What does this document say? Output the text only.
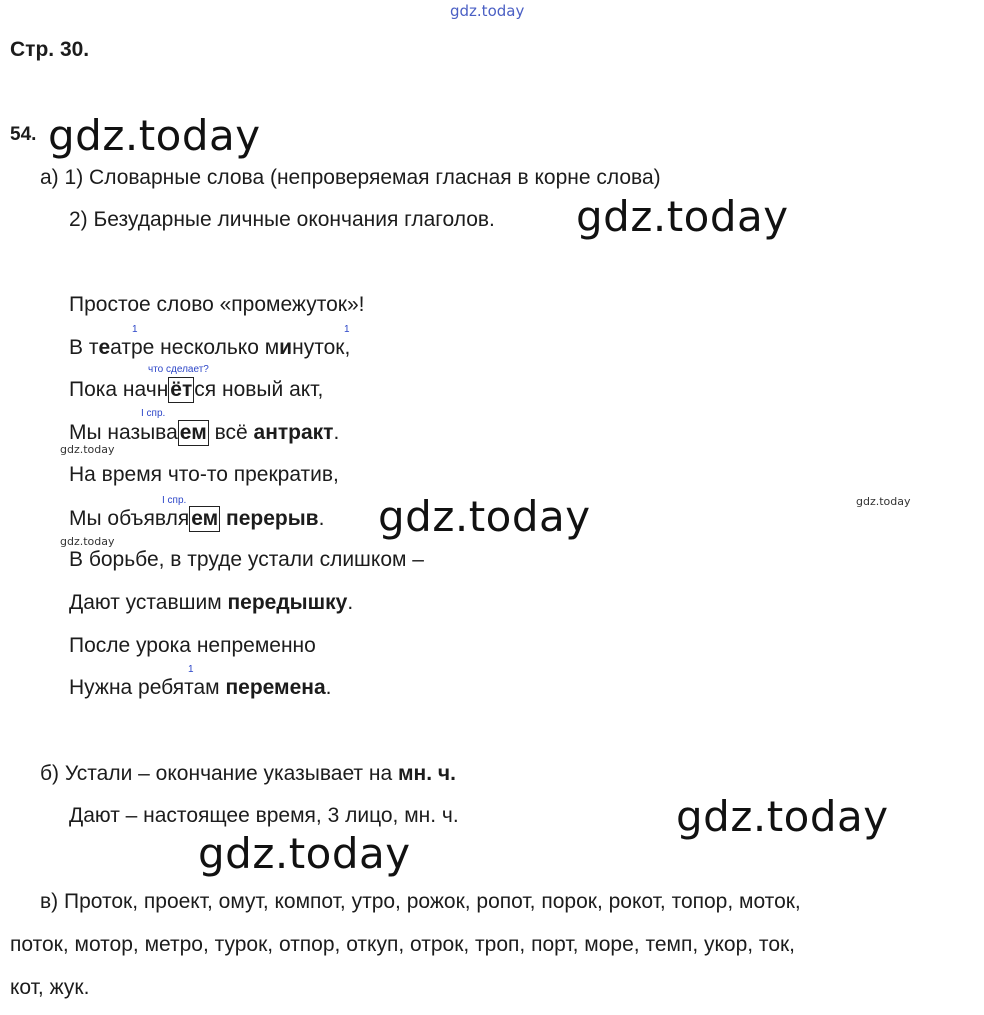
gdz.today
gdz.today
gdz.today
gdz.today
gdz.today
gdz.today
gdz.today
gdz.today
gdz.today
Стр. 30.
54.
а) 1) Словарные слова (непроверяемая гласная в корне слова)
2) Безударные личные окончания глаголов.
Простое слово «промежуток»!
1	1
В театре несколько минуток,
что сделает?
Пока начнётся новый акт,
I спр.
Мы называем всё антракт.
На время что-то прекратив,
I спр.
Мы объявляем перерыв.
В борьбе, в труде устали слишком –
Дают уставшим передышку.
После урока непременно
1
Нужна ребятам перемена.
б) Устали – окончание указывает на мн. ч.
Дают – настоящее время, 3 лицо, мн. ч.
в) Проток, проект, омут, компот, утро, рожок, ропот, порок, рокот, топор, моток,
поток, мотор, метро, турок, отпор, откуп, отрок, троп, порт, море, темп, укор, ток,
кот, жук.
